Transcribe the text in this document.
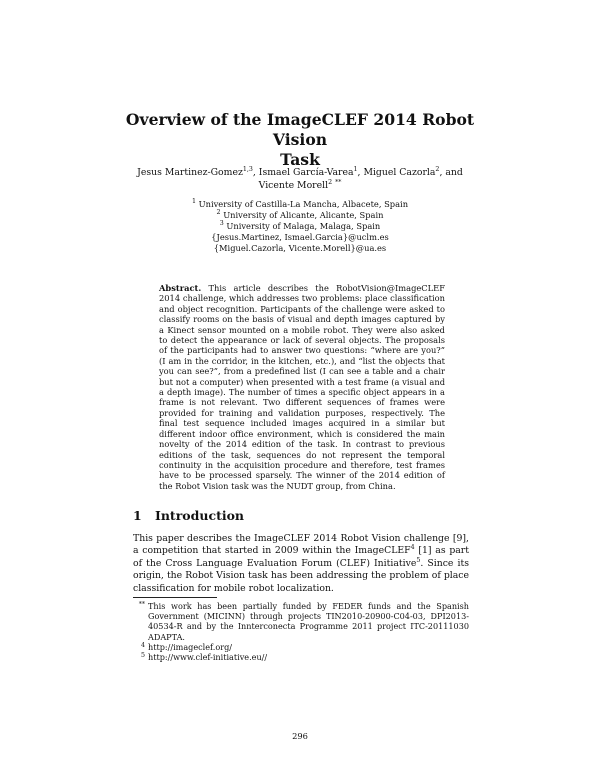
Overview of the ImageCLEF 2014 Robot Vision
Task
Jesus Martinez-Gomez$^{1,3}$, Ismael García-Varea$^1$, Miguel Cazorla$^2$, and
Vicente Morell$^2$ **
$^1$ University of Castilla-La Mancha, Albacete, Spain
$^2$ University of Alicante, Alicante, Spain
$^3$ University of Malaga, Malaga, Spain
{Jesus.Martinez, Ismael.Garcia}@uclm.es
{Miguel.Cazorla, Vicente.Morell}@ua.es
Abstract. This article describes the RobotVision@ImageCLEF 2014 challenge, which addresses two problems: place classification and object recognition. Participants of the challenge were asked to classify rooms on the basis of visual and depth images captured by a Kinect sensor mounted on a mobile robot. They were also asked to detect the appearance or lack of several objects. The proposals of the participants had to answer two questions: “where are you?” (I am in the corridor, in the kitchen, etc.), and “list the objects that you can see?”, from a predefined list (I can see a table and a chair but not a computer) when presented with a test frame (a visual and a depth image). The number of times a specific object appears in a frame is not relevant. Two different sequences of frames were provided for training and validation purposes, respectively. The final test sequence included images acquired in a similar but different indoor office environment, which is considered the main novelty of the 2014 edition of the task. In contrast to previous editions of the task, sequences do not represent the temporal continuity in the acquisition procedure and therefore, test frames have to be processed sparsely. The winner of the 2014 edition of the Robot Vision task was the NUDT group, from China.
1 Introduction
This paper describes the ImageCLEF 2014 Robot Vision challenge [9], a competition that started in 2009 within the ImageCLEF$^4$ [1] as part of the Cross Language Evaluation Forum (CLEF) Initiative$^5$. Since its origin, the Robot Vision task has been addressing the problem of place classification for mobile robot localization.
** This work has been partially funded by FEDER funds and the Spanish Government (MICINN) through projects TIN2010-20900-C04-03, DPI2013-40534-R and by the Innterconecta Programme 2011 project ITC-20111030 ADAPTA.
4 http://imageclef.org/
5 http://www.clef-initiative.eu//
296
